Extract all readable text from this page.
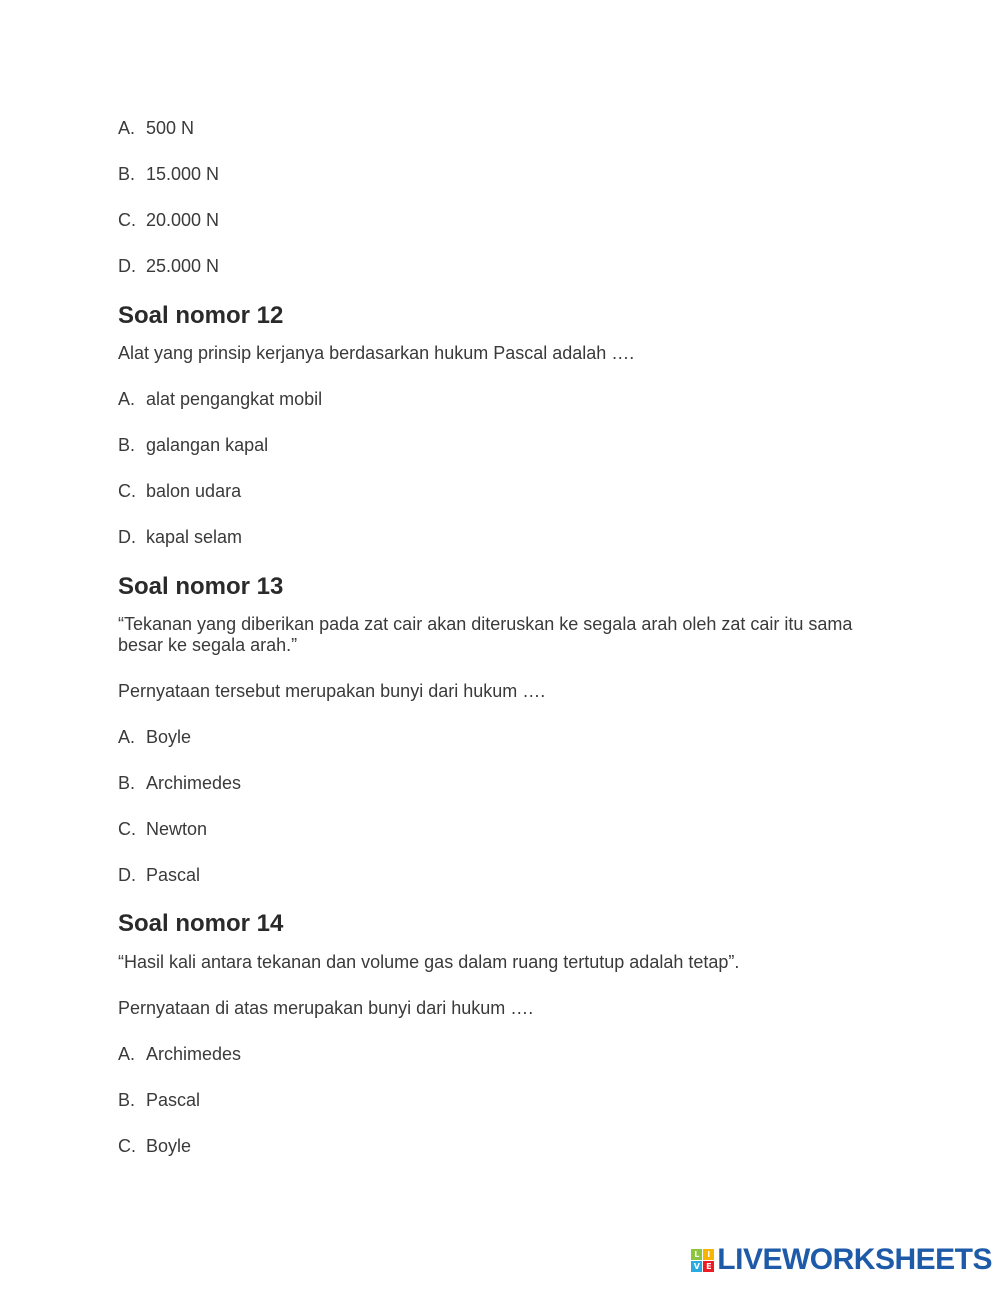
A. 500 N
B. 15.000 N
C. 20.000 N
D. 25.000 N
Soal nomor 12
Alat yang prinsip kerjanya berdasarkan hukum Pascal adalah ….
A. alat pengangkat mobil
B. galangan kapal
C. balon udara
D. kapal selam
Soal nomor 13
“Tekanan yang diberikan pada zat cair akan diteruskan ke segala arah oleh zat cair itu sama besar ke segala arah.”
Pernyataan tersebut merupakan bunyi dari hukum ….
A. Boyle
B. Archimedes
C. Newton
D. Pascal
Soal nomor 14
“Hasil kali antara tekanan dan volume gas dalam ruang tertutup adalah tetap”.
Pernyataan di atas merupakan bunyi dari hukum ….
A. Archimedes
B. Pascal
C. Boyle
L I
V E LIVEWORKSHEETS
